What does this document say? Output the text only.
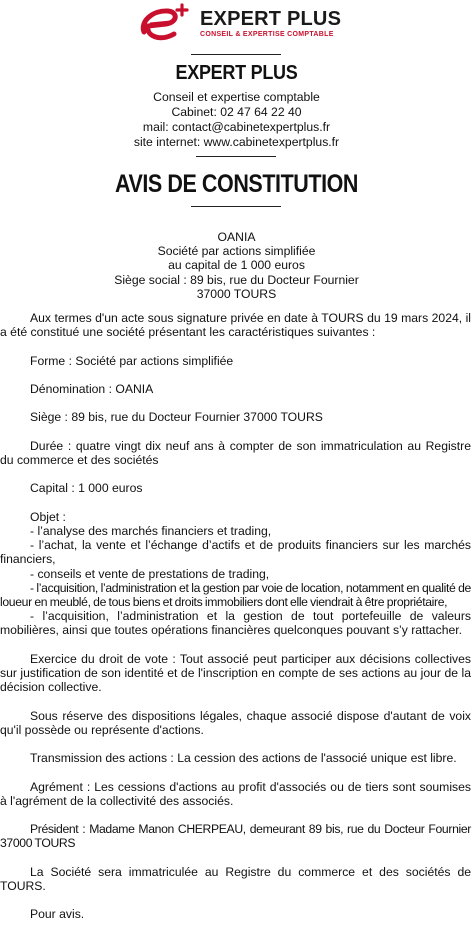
EXPERT PLUS
CONSEIL & EXPERTISE COMPTABLE
EXPERT PLUS
Conseil et expertise comptable
Cabinet: 02 47 64 22 40
mail: contact@cabinetexpertplus.fr
site internet: www.cabinetexpertplus.fr
AVIS DE CONSTITUTION
OANIA
Société par actions simplifiée
au capital de 1 000 euros
Siège social : 89 bis, rue du Docteur Fournier
37000 TOURS

Aux termes d'un acte sous signature privée en date à TOURS du 19 mars 2024, il a été constitué une société présentant les caractéristiques suivantes :

Forme : Société par actions simplifiée

Dénomination : OANIA

Siège : 89 bis, rue du Docteur Fournier 37000 TOURS

Durée : quatre vingt dix neuf ans à compter de son immatriculation au Registre du commerce et des sociétés

Capital : 1 000 euros

Objet :
- l’analyse des marchés financiers et trading,
- l’achat, la vente et l’échange d’actifs et de produits financiers sur les marchés financiers,
- conseils et vente de prestations de trading,
- l’acquisition, l’administration et la gestion par voie de location, notamment en qualité de loueur en meublé, de tous biens et droits immobiliers dont elle viendrait à être propriétaire,
- l’acquisition, l’administration et la gestion de tout portefeuille de valeurs mobilières, ainsi que toutes opérations financières quelconques pouvant s’y rattacher.

Exercice du droit de vote : Tout associé peut participer aux décisions collectives sur justification de son identité et de l'inscription en compte de ses actions au jour de la décision collective.

Sous réserve des dispositions légales, chaque associé dispose d'autant de voix qu'il possède ou représente d'actions.

Transmission des actions : La cession des actions de l'associé unique est libre.

Agrément : Les cessions d'actions au profit d'associés ou de tiers sont soumises à l'agrément de la collectivité des associés.

Président : Madame Manon CHERPEAU, demeurant 89 bis, rue du Docteur Fournier 37000 TOURS

La Société sera immatriculée au Registre du commerce et des sociétés de TOURS.

Pour avis.
